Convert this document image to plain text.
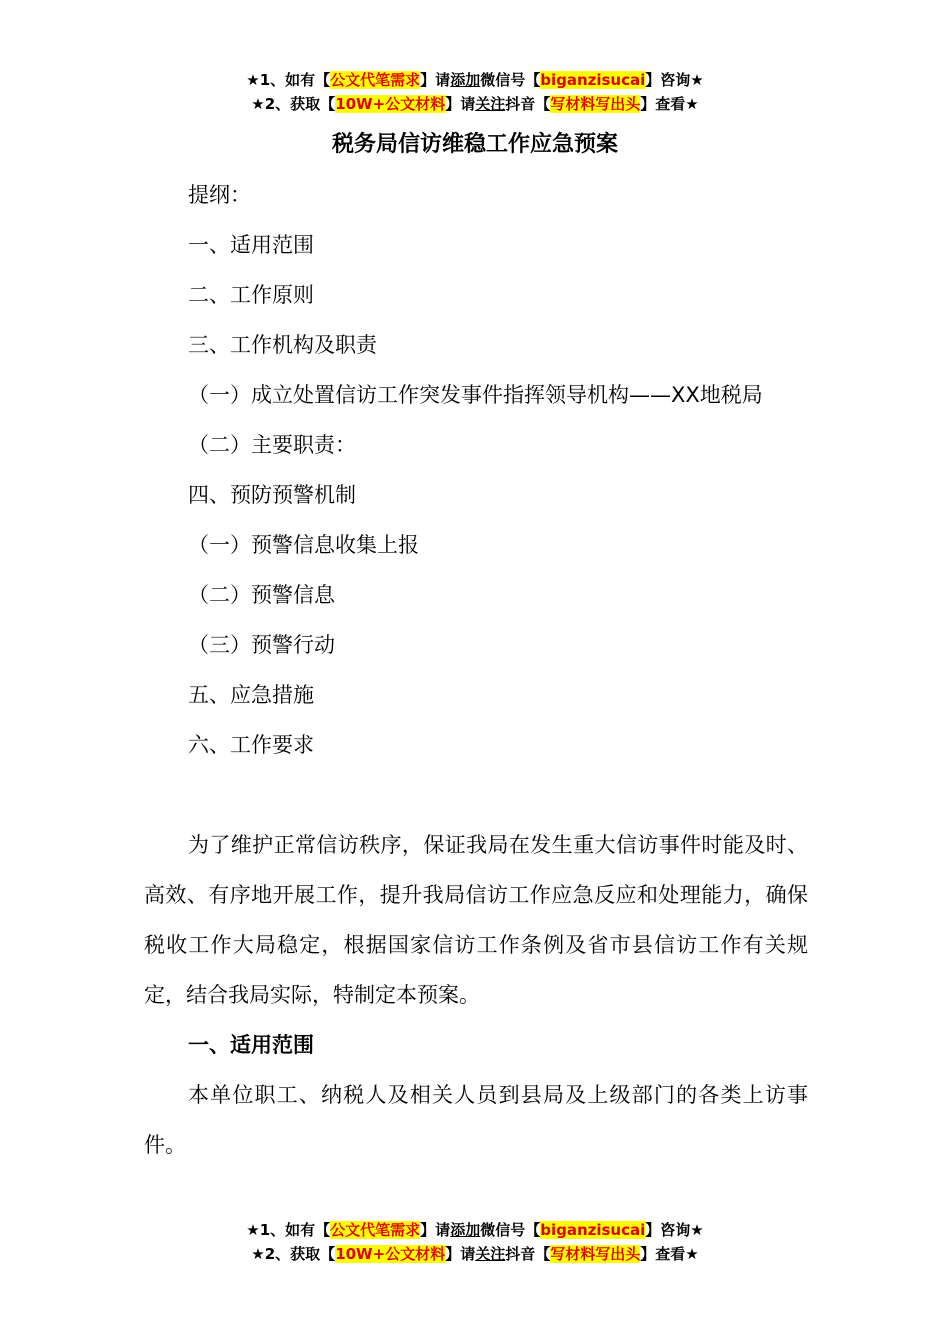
★1、如有【公文代笔需求】请添加微信号【biganzisucai】咨询★
★2、获取【10W+公文材料】请关注抖音【写材料写出头】查看★
税务局信访维稳工作应急预案

提纲：

一、适用范围

二、工作原则

三、工作机构及职责

（一）成立处置信访工作突发事件指挥领导机构——XX地税局

（二）主要职责：

四、预防预警机制

（一）预警信息收集上报

（二）预警信息

（三）预警行动

五、应急措施

六、工作要求

为了维护正常信访秩序，保证我局在发生重大信访事件时能及时、高效、有序地开展工作，提升我局信访工作应急反应和处理能力，确保税收工作大局稳定，根据国家信访工作条例及省市县信访工作有关规定，结合我局实际，特制定本预案。

一、适用范围

本单位职工、纳税人及相关人员到县局及上级部门的各类上访事件。

★1、如有【公文代笔需求】请添加微信号【biganzisucai】咨询★
★2、获取【10W+公文材料】请关注抖音【写材料写出头】查看★
